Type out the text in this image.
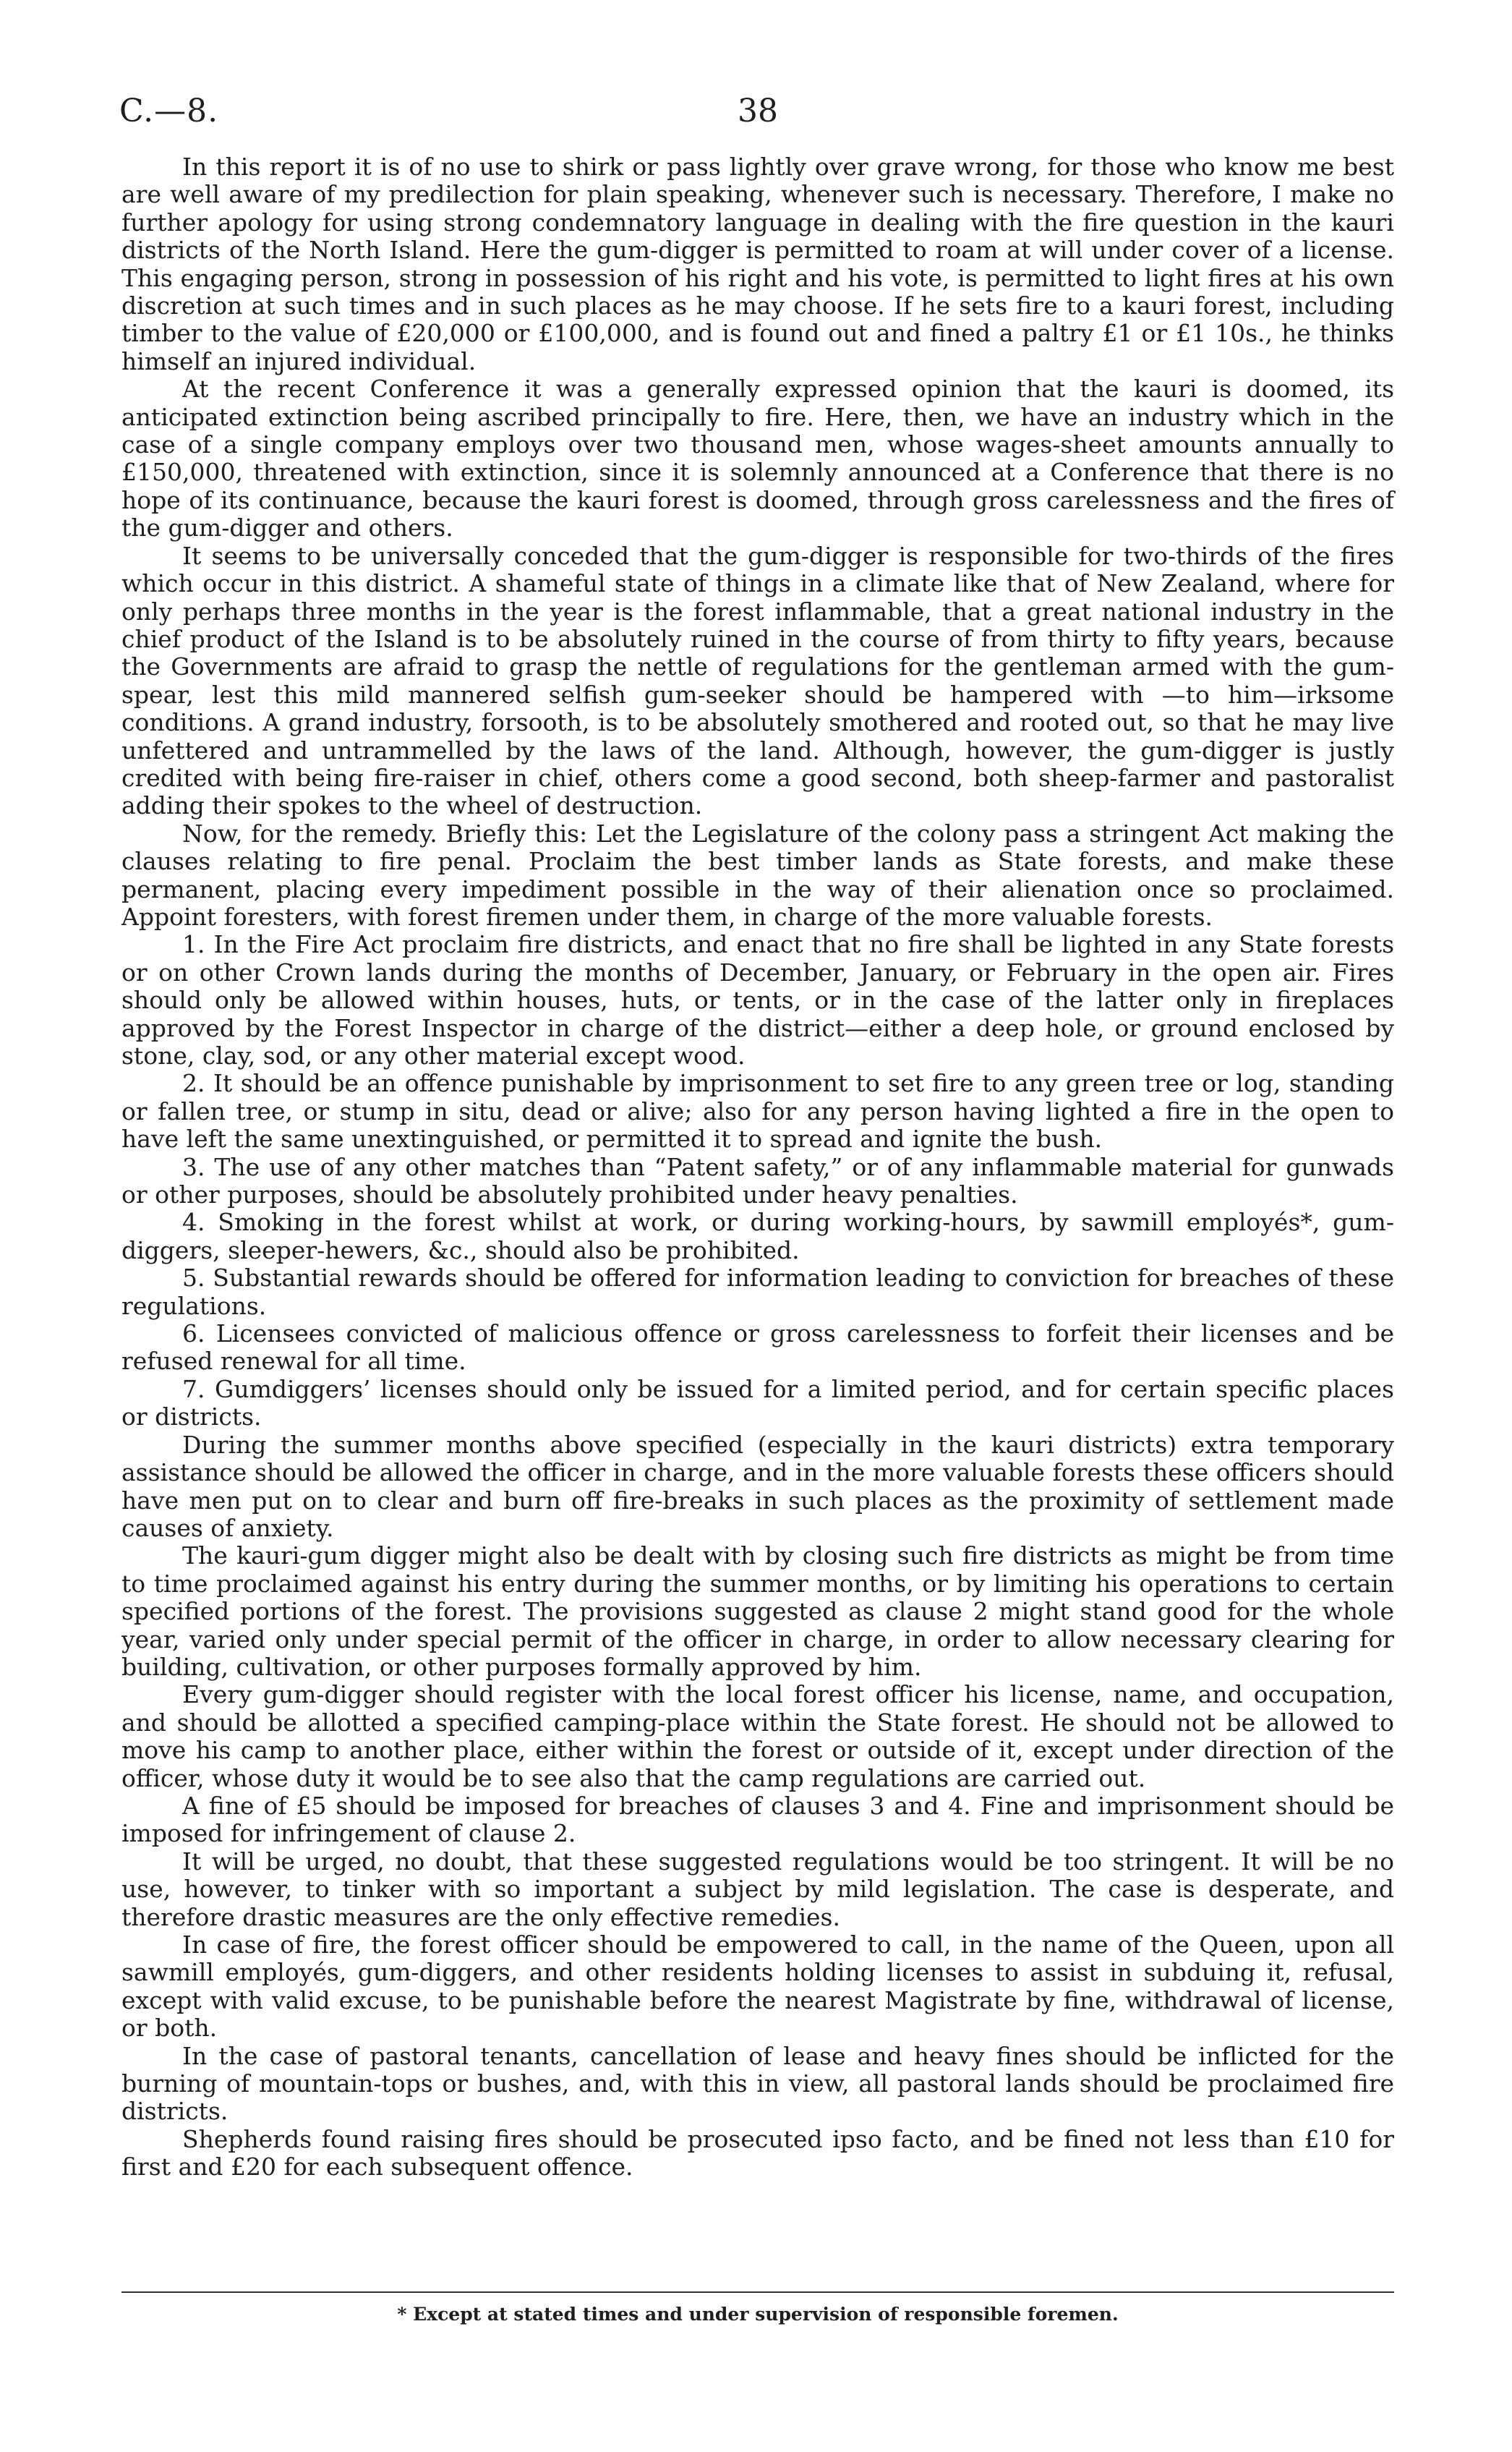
C.—8.	38

In this report it is of no use to shirk or pass lightly over grave wrong, for those who know me best are well aware of my predilection for plain speaking, whenever such is necessary. Therefore, I make no further apology for using strong condemnatory language in dealing with the fire question in the kauri districts of the North Island. Here the gum-digger is permitted to roam at will under cover of a license. This engaging person, strong in possession of his right and his vote, is permitted to light fires at his own discretion at such times and in such places as he may choose. If he sets fire to a kauri forest, including timber to the value of £20,000 or £100,000, and is found out and fined a paltry £1 or £1 10s., he thinks himself an injured individual.

At the recent Conference it was a generally expressed opinion that the kauri is doomed, its anticipated extinction being ascribed principally to fire. Here, then, we have an industry which in the case of a single company employs over two thousand men, whose wages-sheet amounts annually to £150,000, threatened with extinction, since it is solemnly announced at a Conference that there is no hope of its continuance, because the kauri forest is doomed, through gross carelessness and the fires of the gum-digger and others.

It seems to be universally conceded that the gum-digger is responsible for two-thirds of the fires which occur in this district. A shameful state of things in a climate like that of New Zealand, where for only perhaps three months in the year is the forest inflammable, that a great national industry in the chief product of the Island is to be absolutely ruined in the course of from thirty to fifty years, because the Governments are afraid to grasp the nettle of regulations for the gentleman armed with the gum-spear, lest this mild mannered selfish gum-seeker should be hampered with —to him—irksome conditions. A grand industry, forsooth, is to be absolutely smothered and rooted out, so that he may live unfettered and untrammelled by the laws of the land. Although, however, the gum-digger is justly credited with being fire-raiser in chief, others come a good second, both sheep-farmer and pastoralist adding their spokes to the wheel of destruction.

Now, for the remedy. Briefly this: Let the Legislature of the colony pass a stringent Act making the clauses relating to fire penal. Proclaim the best timber lands as State forests, and make these permanent, placing every impediment possible in the way of their alienation once so proclaimed. Appoint foresters, with forest firemen under them, in charge of the more valuable forests.

1. In the Fire Act proclaim fire districts, and enact that no fire shall be lighted in any State forests or on other Crown lands during the months of December, January, or February in the open air. Fires should only be allowed within houses, huts, or tents, or in the case of the latter only in fireplaces approved by the Forest Inspector in charge of the district—either a deep hole, or ground enclosed by stone, clay, sod, or any other material except wood.

2. It should be an offence punishable by imprisonment to set fire to any green tree or log, standing or fallen tree, or stump in situ, dead or alive; also for any person having lighted a fire in the open to have left the same unextinguished, or permitted it to spread and ignite the bush.

3. The use of any other matches than “Patent safety,” or of any inflammable material for gunwads or other purposes, should be absolutely prohibited under heavy penalties.

4. Smoking in the forest whilst at work, or during working-hours, by sawmill employés*, gum-diggers, sleeper-hewers, &c., should also be prohibited.

5. Substantial rewards should be offered for information leading to conviction for breaches of these regulations.

6. Licensees convicted of malicious offence or gross carelessness to forfeit their licenses and be refused renewal for all time.

7. Gumdiggers’ licenses should only be issued for a limited period, and for certain specific places or districts.

During the summer months above specified (especially in the kauri districts) extra temporary assistance should be allowed the officer in charge, and in the more valuable forests these officers should have men put on to clear and burn off fire-breaks in such places as the proximity of settlement made causes of anxiety.

The kauri-gum digger might also be dealt with by closing such fire districts as might be from time to time proclaimed against his entry during the summer months, or by limiting his operations to certain specified portions of the forest. The provisions suggested as clause 2 might stand good for the whole year, varied only under special permit of the officer in charge, in order to allow necessary clearing for building, cultivation, or other purposes formally approved by him.

Every gum-digger should register with the local forest officer his license, name, and occupation, and should be allotted a specified camping-place within the State forest. He should not be allowed to move his camp to another place, either within the forest or outside of it, except under direction of the officer, whose duty it would be to see also that the camp regulations are carried out.

A fine of £5 should be imposed for breaches of clauses 3 and 4. Fine and imprisonment should be imposed for infringement of clause 2.

It will be urged, no doubt, that these suggested regulations would be too stringent. It will be no use, however, to tinker with so important a subject by mild legislation. The case is desperate, and therefore drastic measures are the only effective remedies.

In case of fire, the forest officer should be empowered to call, in the name of the Queen, upon all sawmill employés, gum-diggers, and other residents holding licenses to assist in subduing it, refusal, except with valid excuse, to be punishable before the nearest Magistrate by fine, withdrawal of license, or both.

In the case of pastoral tenants, cancellation of lease and heavy fines should be inflicted for the burning of mountain-tops or bushes, and, with this in view, all pastoral lands should be proclaimed fire districts.

Shepherds found raising fires should be prosecuted ipso facto, and be fined not less than £10 for first and £20 for each subsequent offence.

* Except at stated times and under supervision of responsible foremen.
